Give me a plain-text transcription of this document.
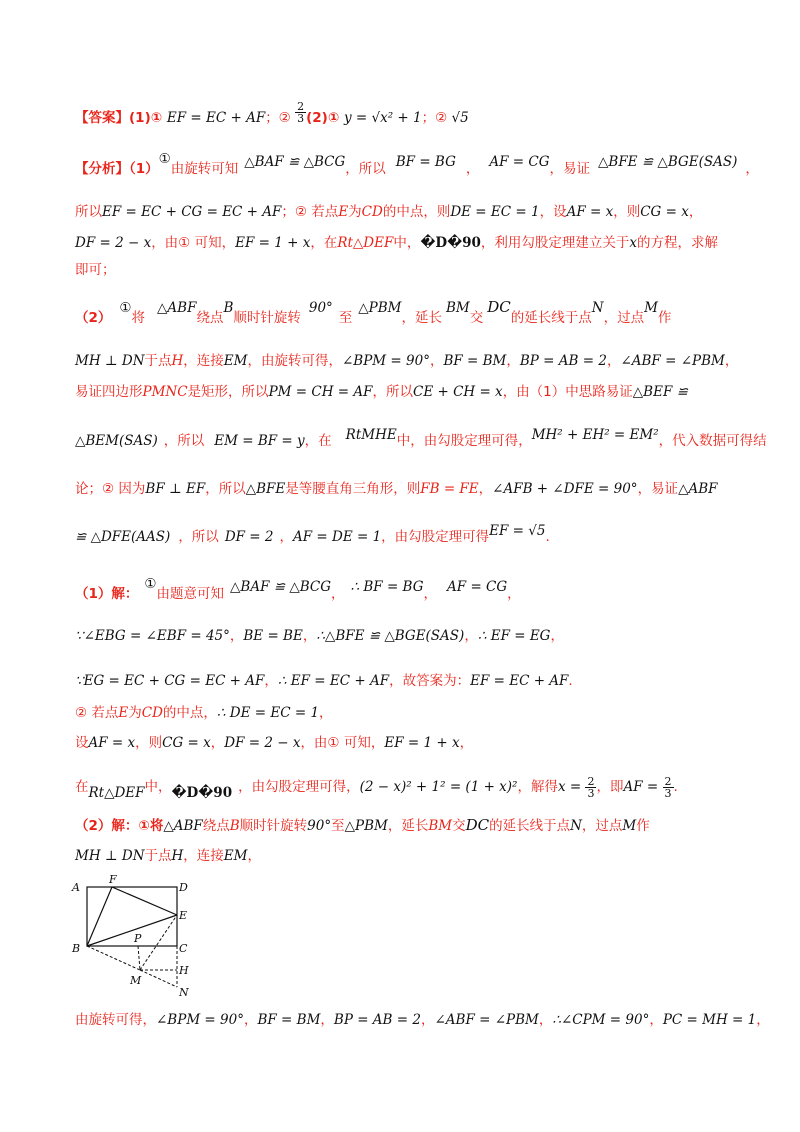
【答案】(1)① EF = EC + AF；② $\frac{2}{3}$ (2)① y = √x² + 1；② √5
【分析】（1）①由旋转可知 △BAF ≌ △BCG，所以 BF = BG ， AF = CG，易证 △BFE ≌ △BGE(SAS) ，
所以EF = EC + CG = EC + AF；② 若点E为CD的中点，则DE = EC = 1，设AF = x，则CG = x，
DF = 2 − x，由① 可知，EF = 1 + x，在Rt△DEF中，�D�90，利用勾股定理建立关于x的方程，求解
即可；
（2）①将△ABF绕点B顺时针旋转90°至△PBM，延长BM交DC的延长线于点N，过点M作
MH ⊥ DN于点H，连接EM，由旋转可得，∠BPM = 90°，BF = BM，BP = AB = 2，∠ABF = ∠PBM，
易证四边形PMNC是矩形，所以PM = CH = AF，所以CE + CH = x，由（1）中思路易证△BEF ≌
△BEM(SAS) ，所以 EM = BF = y，在 RtMHE中，由勾股定理可得，MH² + EH² = EM²，代入数据可得结
论；② 因为BF ⊥ EF，所以△BFE是等腰直角三角形，则FB = FE，∠AFB + ∠DFE = 90°，易证△ABF
≌ △DFE(AAS) ，所以 DF = 2 ，AF = DE = 1，由勾股定理可得EF = √5.
（1）解：①由题意可知 △BAF ≌ △BCG， ∴ BF = BG， AF = CG，
∵∠EBG = ∠EBF = 45°，BE = BE，∴△BFE ≌ △BGE(SAS)，∴ EF = EG，
∵EG = EC + CG = EC + AF，∴ EF = EC + AF，故答案为：EF = EC + AF.
② 若点E为CD的中点，∴ DE = EC = 1，
设AF = x，则CG = x，DF = 2 − x，由① 可知，EF = 1 + x，
在Rt△DEF中，�D�90 ，由勾股定理可得，(2 − x)² + 1² = (1 + x)²，解得$x = \frac{2}{3}$ ，即AF = $\frac{2}{3}$ .
（2）解：①将△ABF绕点B顺时针旋转90°至△PBM，延长BM交DC的延长线于点N，过点M作
MH ⊥ DN于点H，连接EM，
A
F
D
E
B
P
C
H
M
N
由旋转可得，∠BPM = 90°，BF = BM，BP = AB = 2，∠ABF = ∠PBM，∴∠CPM = 90°，PC = MH = 1，
